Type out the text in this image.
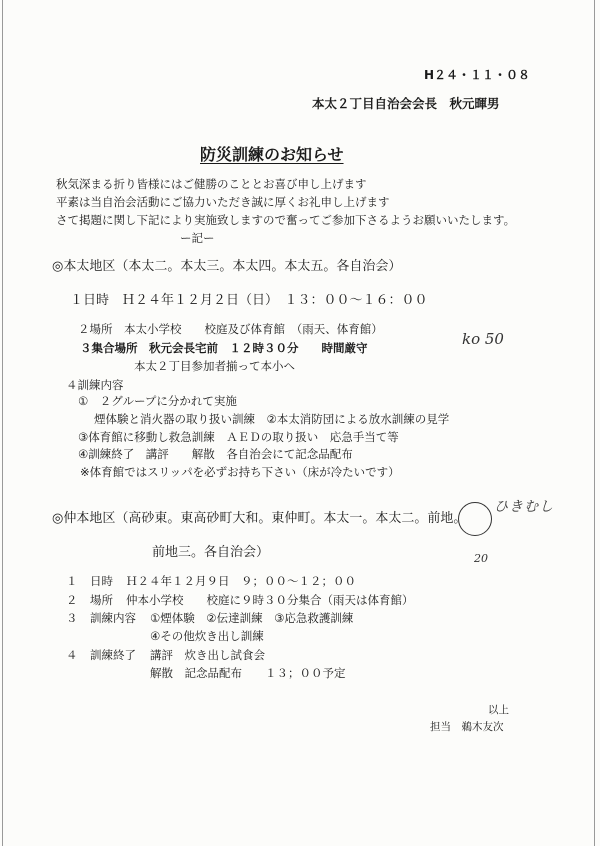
H２４・１１・０８
本太２丁目自治会会長　秋元暉男
防災訓練のお知らせ
秋気深まる折り皆様にはご健勝のこととお喜び申し上げます
平素は当自治会活動にご協力いただき誠に厚くお礼申し上げます
さて掲題に関し下記により実施致しますので奮ってご参加下さるようお願いいたします。
ー記ー
◎本太地区（本太二。本太三。本太四。本太五。各自治会）
１日時　Ｈ２４年１２月２日（日）　１３：００〜１６：００
２場所　本太小学校　　校庭及び体育館　（雨天、体育館）
３集合場所　秋元会長宅前　１２時３０分　　時間厳守
本太２丁目参加者揃って本小へ
４訓練内容
①　２グループに分かれて実施
煙体験と消火器の取り扱い訓練　②本太消防団による放水訓練の見学
③体育館に移動し救急訓練　ＡＥＤの取り扱い　応急手当て等
④訓練終了　講評　　解散　各自治会にて記念品配布
※体育館ではスリッパを必ずお持ち下さい（床が冷たいです）
◎仲本地区（高砂東。東高砂町大和。東仲町。本太一。本太二。前地。
前地三。各自治会）
１ 日時 Ｈ２４年１２月９日　９；００〜１２；００
２ 場所 仲本小学校　　校庭に９時３０分集合（雨天は体育館）
３ 訓練内容 ①煙体験　②伝達訓練　③応急救護訓練
④その他炊き出し訓練
４ 訓練終了 講評　炊き出し試食会
解散　記念品配布　　１３；００予定
以上
担当　鵜木友次
ko 50
ひきむし
20
